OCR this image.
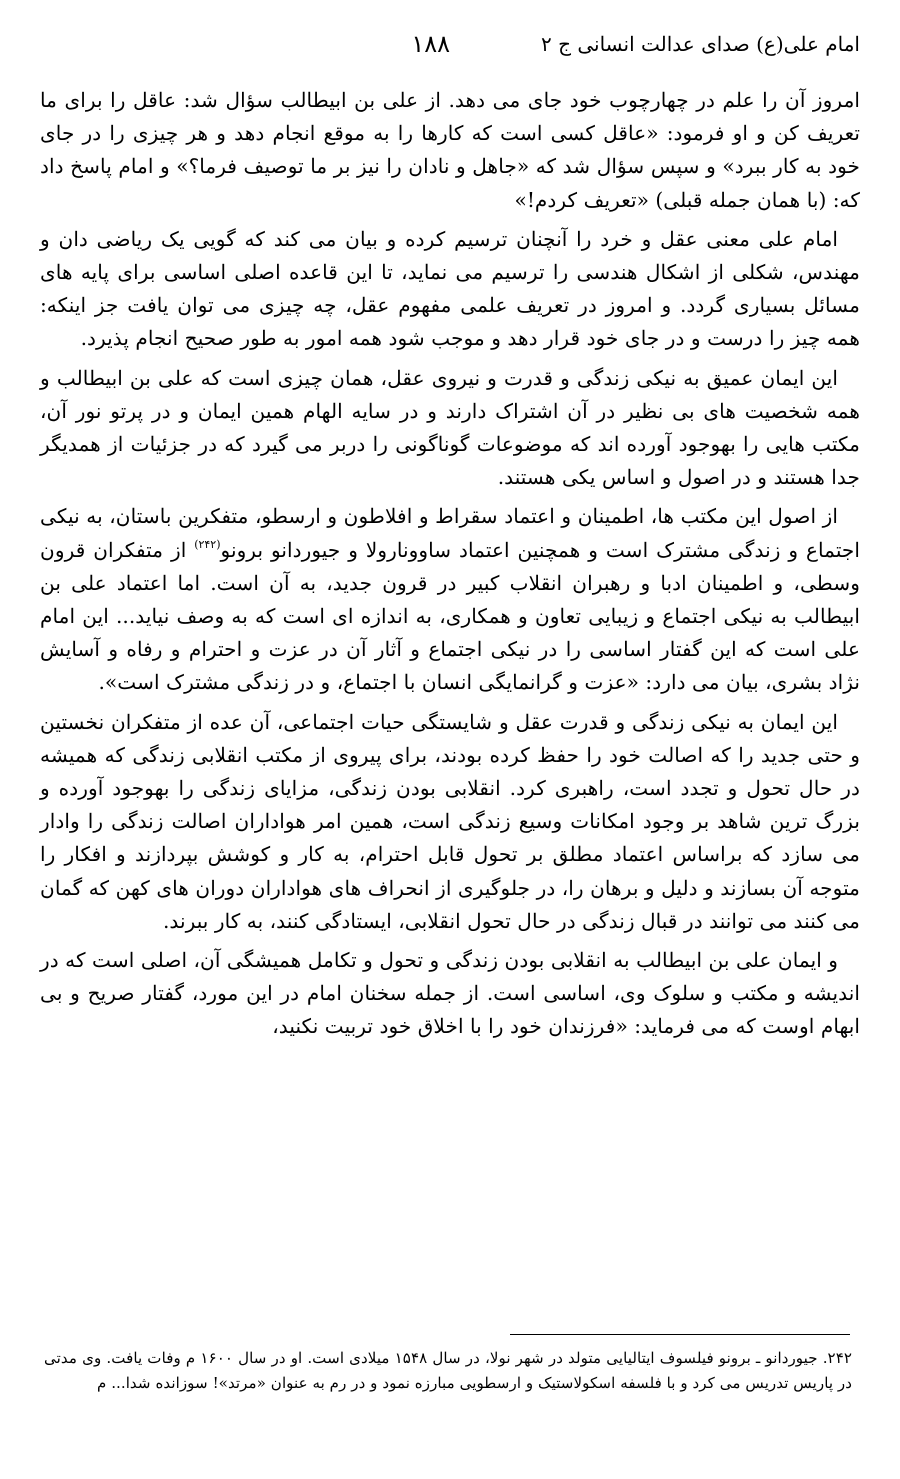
امام علی(ع) صدای عدالت انسانی ج ۲
۱۸۸

امروز آن را علم در چهارچوب خود جای می دهد. از علی بن ابیطالب سؤال شد: عاقل را برای ما تعریف کن و او فرمود: «عاقل کسی است که کارها را به موقع انجام دهد و هر چیزی را در جای خود به کار ببرد» و سپس سؤال شد که «جاهل و نادان را نیز بر ما توصیف فرما؟» و امام پاسخ داد که: (با همان جمله قبلی) «تعریف کردم!»

امام علی معنی عقل و خرد را آنچنان ترسیم کرده و بیان می کند که گویی یک ریاضی دان و مهندس، شکلی از اشکال هندسی را ترسیم می نماید، تا این قاعده اصلی اساسی برای پایه های مسائل بسیاری گردد. و امروز در تعریف علمی مفهوم عقل، چه چیزی می توان یافت جز اینکه: همه چیز را درست و در جای خود قرار دهد و موجب شود همه امور به طور صحیح انجام پذیرد.

این ایمان عمیق به نیکی زندگی و قدرت و نیروی عقل، همان چیزی است که علی بن ابیطالب و همه شخصیت های بی نظیر در آن اشتراک دارند و در سایه الهام همین ایمان و در پرتو نور آن، مکتب هایی را بهوجود آورده اند که موضوعات گوناگونی را دربر می گیرد که در جزئیات از همدیگر جدا هستند و در اصول و اساس یکی هستند.

از اصول این مکتب ها، اطمینان و اعتماد سقراط و افلاطون و ارسطو، متفکرین باستان، به نیکی اجتماع و زندگی مشترک است و همچنین اعتماد ساوونارولا و جیوردانو برونو$^{(۲۴۲)}$ از متفکران قرون وسطی، و اطمینان ادبا و رهبران انقلاب کبیر در قرون جدید، به آن است. اما اعتماد علی بن ابیطالب به نیکی اجتماع و زیبایی تعاون و همکاری، به اندازه ای است که به وصف نیاید... این امام علی است که این گفتار اساسی را در نیکی اجتماع و آثار آن در عزت و احترام و رفاه و آسایش نژاد بشری، بیان می دارد: «عزت و گرانمایگی انسان با اجتماع، و در زندگی مشترک است».

این ایمان به نیکی زندگی و قدرت عقل و شایستگی حیات اجتماعی، آن عده از متفکران نخستین و حتی جدید را که اصالت خود را حفظ کرده بودند، برای پیروی از مکتب انقلابی زندگی که همیشه در حال تحول و تجدد است، راهبری کرد. انقلابی بودن زندگی، مزایای زندگی را بهوجود آورده و بزرگ ترین شاهد بر وجود امکانات وسیع زندگی است، همین امر هواداران اصالت زندگی را وادار می سازد که براساس اعتماد مطلق بر تحول قابل احترام، به کار و کوشش بپردازند و افکار را متوجه آن بسازند و دلیل و برهان را، در جلوگیری از انحراف های هواداران دوران های کهن که گمان می کنند می توانند در قبال زندگی در حال تحول انقلابی، ایستادگی کنند، به کار ببرند.

و ایمان علی بن ابیطالب به انقلابی بودن زندگی و تحول و تکامل همیشگی آن، اصلی است که در اندیشه و مکتب و سلوک وی، اساسی است. از جمله سخنان امام در این مورد، گفتار صریح و بی ابهام اوست که می فرماید: «فرزندان خود را با اخلاق خود تربیت نکنید،

۲۴۲. جیوردانو ـ برونو فیلسوف ایتالیایی متولد در شهر نولا، در سال ۱۵۴۸ میلادی است. او در سال ۱۶۰۰ م وفات یافت. وی مدتی در پاریس تدریس می کرد و با فلسفه اسکولاستیک و ارسطویی مبارزه نمود و در رم به عنوان «مرتد»! سوزانده شدا... م
